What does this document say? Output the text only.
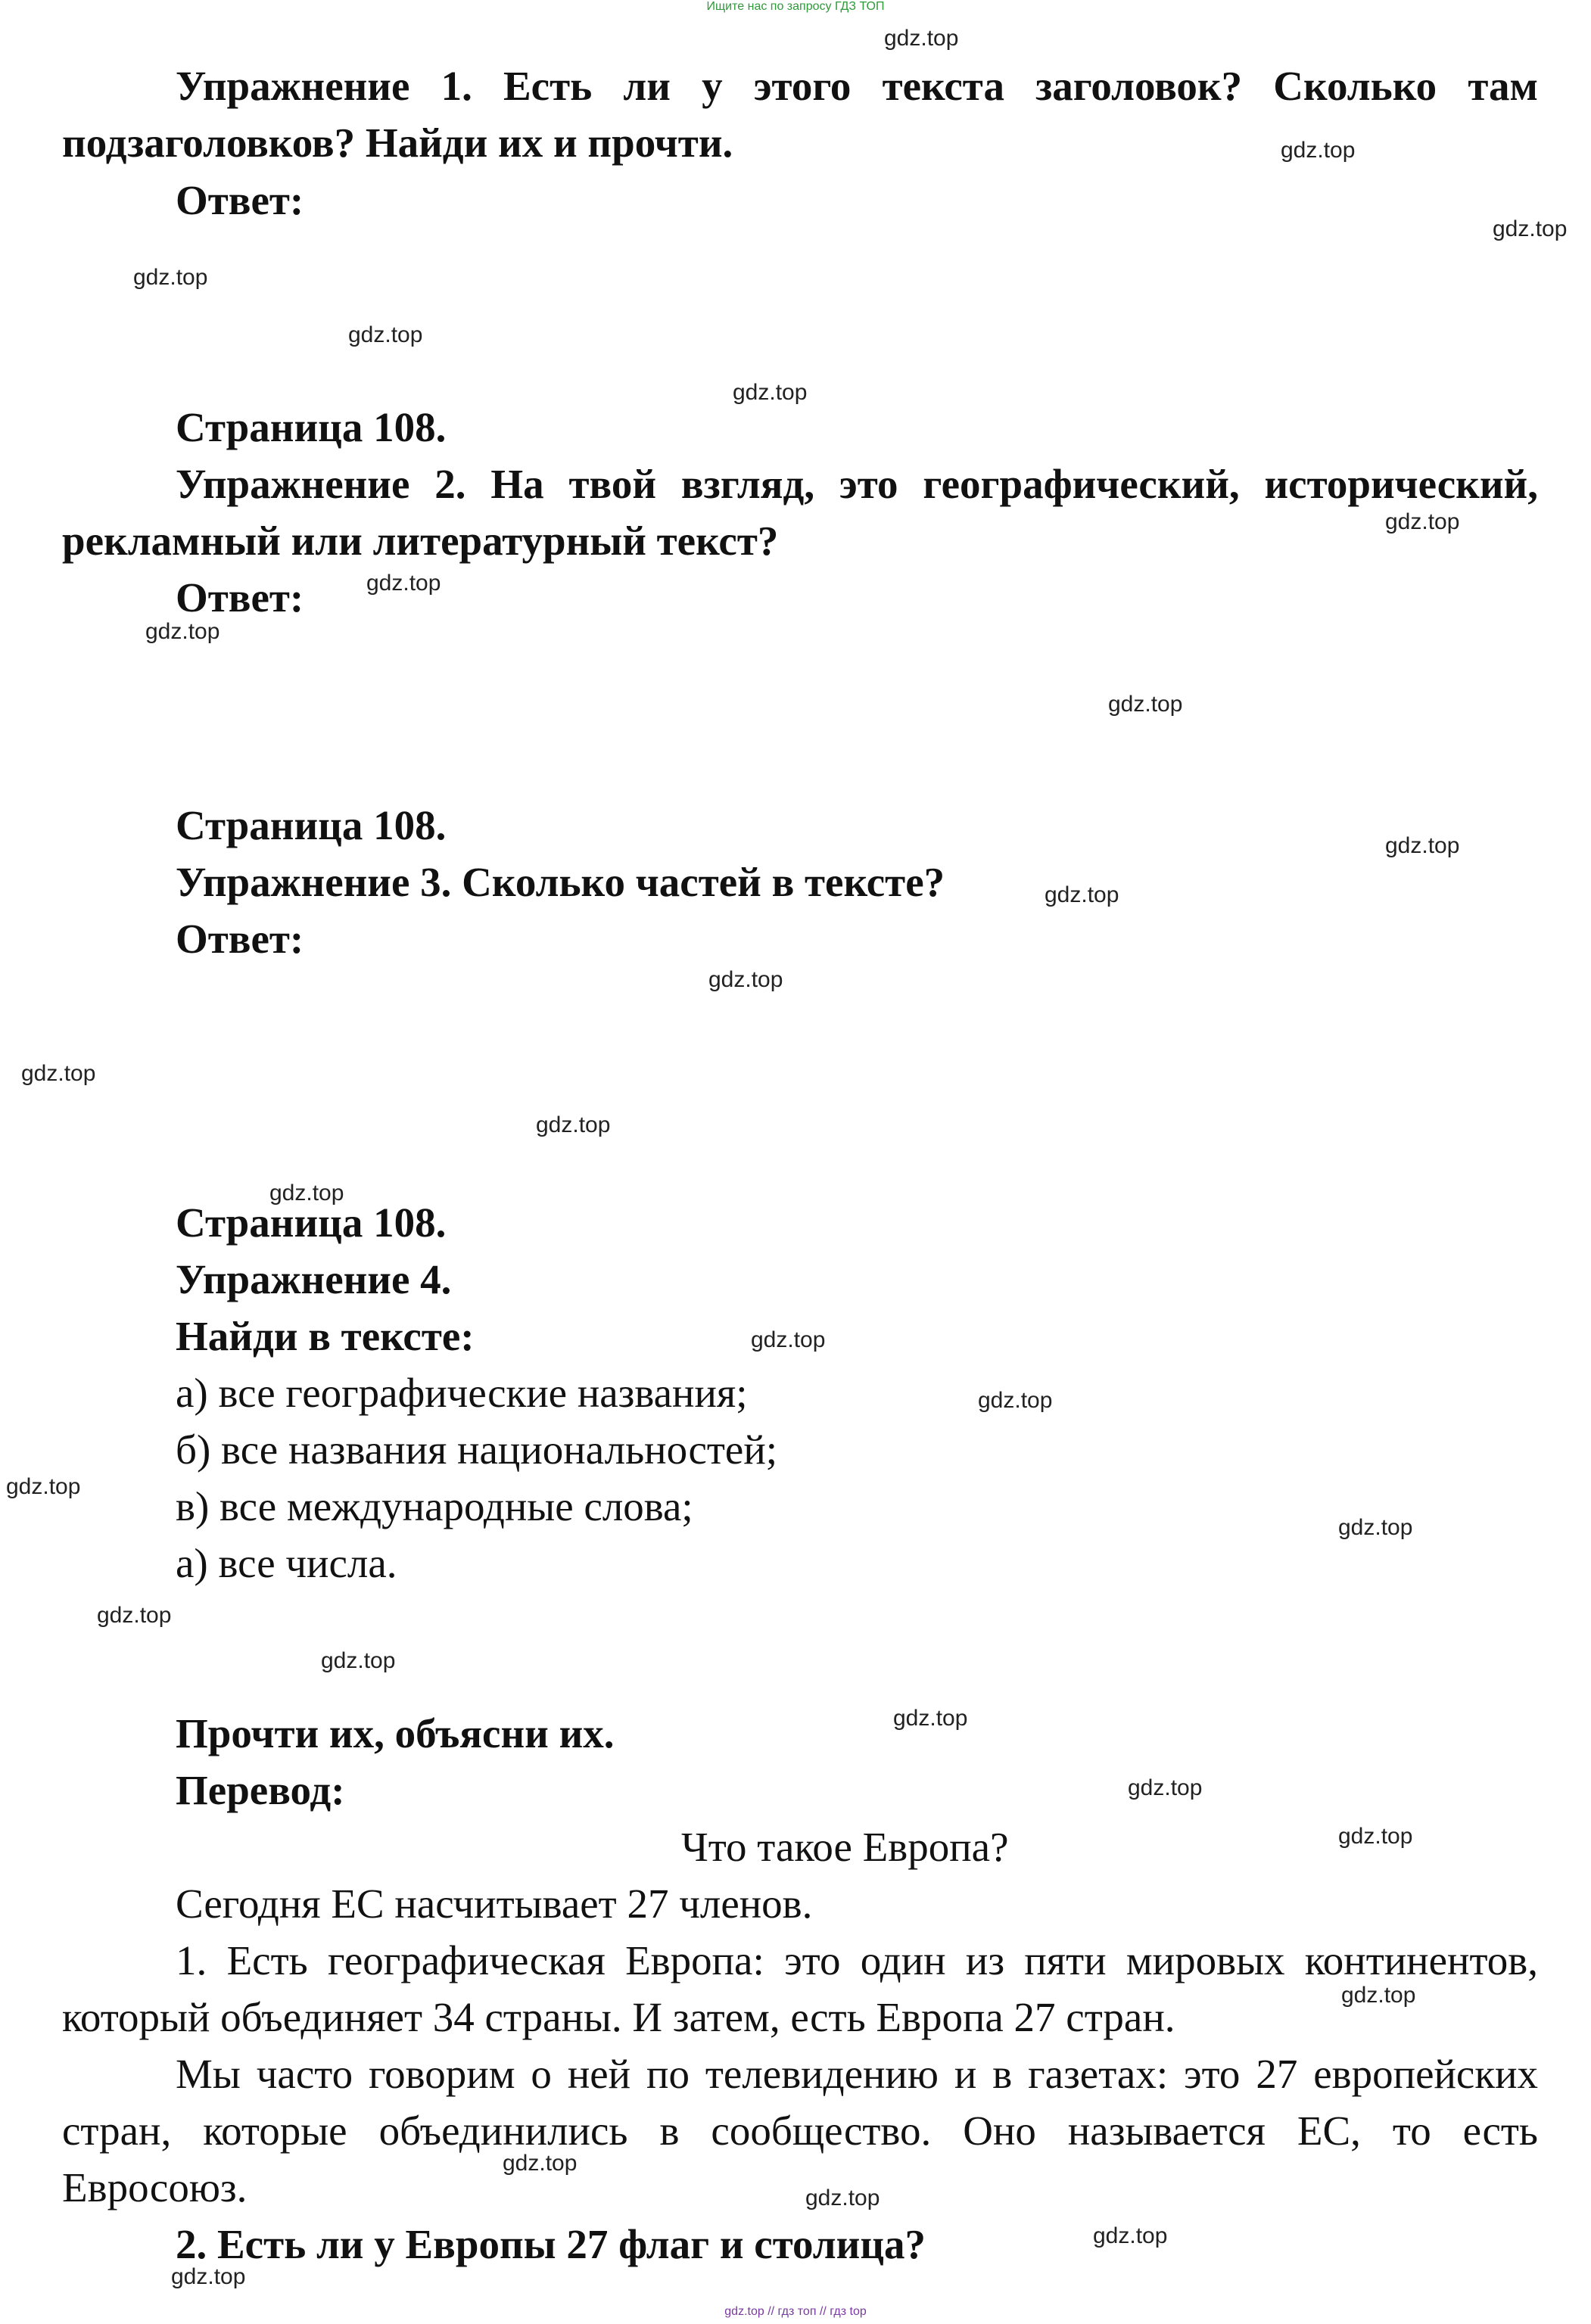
Ищите нас по запросу ГДЗ ТОП
Упражнение 1. Есть ли у этого текста заголовок? Сколько там
подзаголовков? Найди их и прочти.
Ответ:
Страница 108.
Упражнение 2. На твой взгляд, это географический, исторический,
рекламный или литературный текст?
Ответ:
Страница 108.
Упражнение 3. Сколько частей в тексте?
Ответ:
Страница 108.
Упражнение 4.
Найди в тексте:
а) все географические названия;
б) все названия национальностей;
в) все международные слова;
а) все числа.
Прочти их, объясни их.
Перевод:
Что такое Европа?
Сегодня ЕС насчитывает 27 членов.
1. Есть географическая Европа: это один из пяти мировых континентов,
который объединяет 34 страны. И затем, есть Европа 27 стран.
Мы часто говорим о ней по телевидению и в газетах: это 27 европейских
стран, которые объединились в сообщество. Оно называется ЕС, то есть
Евросоюз.
2. Есть ли у Европы 27 флаг и столица?
gdz.top
gdz.top
gdz.top
gdz.top
gdz.top
gdz.top
gdz.top
gdz.top
gdz.top
gdz.top
gdz.top
gdz.top
gdz.top
gdz.top
gdz.top
gdz.top
gdz.top
gdz.top
gdz.top
gdz.top
gdz.top
gdz.top
gdz.top
gdz.top
gdz.top
gdz.top
gdz.top
gdz.top
gdz.top
gdz.top
gdz.top // гдз топ // гдз top
